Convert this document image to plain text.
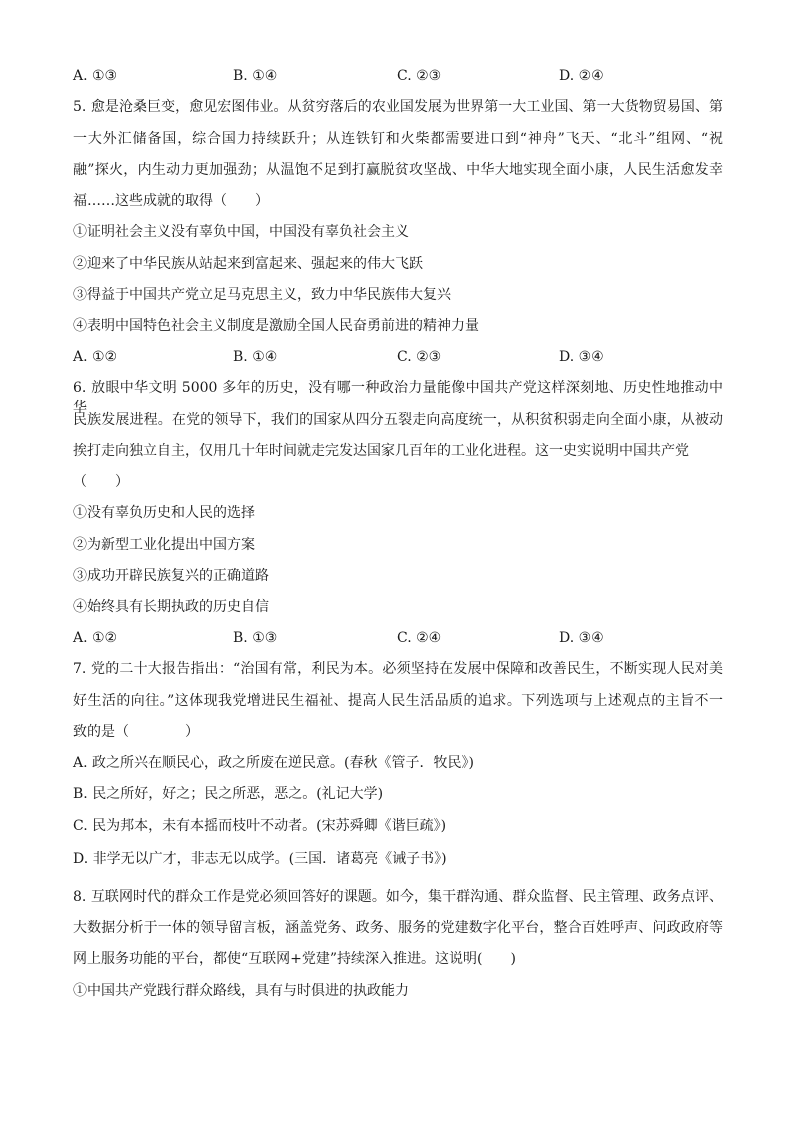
A. ①③	B. ①④	C. ②③	D. ②④
5. 愈是沧桑巨变，愈见宏图伟业。从贫穷落后的农业国发展为世界第一大工业国、第一大货物贸易国、第
一大外汇储备国，综合国力持续跃升；从连铁钉和火柴都需要进口到“神舟”飞天、“北斗”组网、“祝
融”探火，内生动力更加强劲；从温饱不足到打赢脱贫攻坚战、中华大地实现全面小康，人民生活愈发幸
福……这些成就的取得（　　）
①证明社会主义没有辜负中国，中国没有辜负社会主义
②迎来了中华民族从站起来到富起来、强起来的伟大飞跃
③得益于中国共产党立足马克思主义，致力中华民族伟大复兴
④表明中国特色社会主义制度是激励全国人民奋勇前进的精神力量
A. ①②	B. ①④	C. ②③	D. ③④
6. 放眼中华文明 5000 多年的历史，没有哪一种政治力量能像中国共产党这样深刻地、历史性地推动中华
民族发展进程。在党的领导下，我们的国家从四分五裂走向高度统一，从积贫积弱走向全面小康，从被动
挨打走向独立自主，仅用几十年时间就走完发达国家几百年的工业化进程。这一史实说明中国共产党
（　　）
①没有辜负历史和人民的选择
②为新型工业化提出中国方案
③成功开辟民族复兴的正确道路
④始终具有长期执政的历史自信
A. ①②	B. ①③	C. ②④	D. ③④
7. 党的二十大报告指出：“治国有常，利民为本。必须坚持在发展中保障和改善民生，不断实现人民对美
好生活的向往。”这体现我党增进民生福祉、提高人民生活品质的追求。下列选项与上述观点的主旨不一
致的是（　　　　）
A. 政之所兴在顺民心，政之所废在逆民意。(春秋《管子．牧民》)
B. 民之所好，好之；民之所恶，恶之。(礼记大学)
C. 民为邦本，未有本摇而枝叶不动者。(宋苏舜卿《谐巨疏》)
D. 非学无以广才，非志无以成学。(三国．诸葛亮《诫子书》)
8. 互联网时代的群众工作是党必须回答好的课题。如今，集干群沟通、群众监督、民主管理、政务点评、
大数据分析于一体的领导留言板，涵盖党务、政务、服务的党建数字化平台，整合百姓呼声、问政政府等
网上服务功能的平台，都使“互联网+党建”持续深入推进。这说明(　　)
①中国共产党践行群众路线，具有与时俱进的执政能力
